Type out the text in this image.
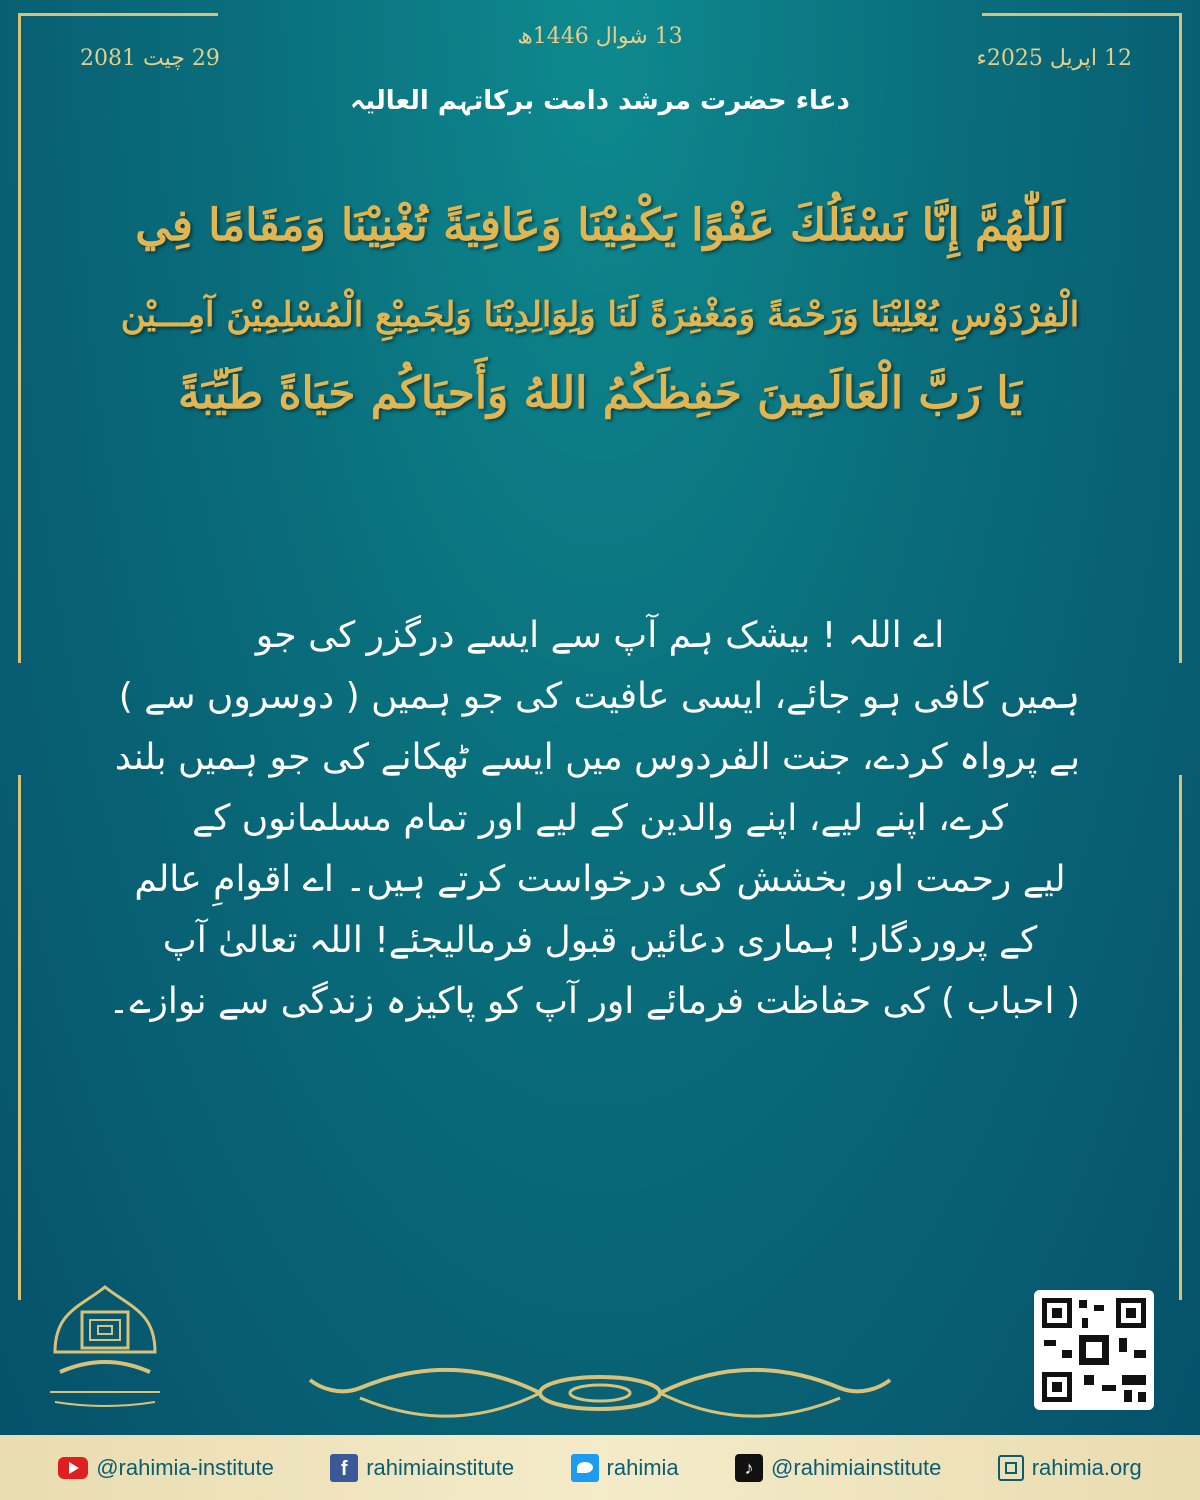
12 اپریل 2025ء
13 شوال 1446ھ
29 چیت 2081
دعاء حضرت مرشد دامت برکاتہم العالیہ
اَللّٰهُمَّ إِنَّا نَسْئَلُكَ عَفْوًا يَكْفِيْنَا وَعَافِيَةً تُغْنِيْنَا وَمَقَامًا فِي
الْفِرْدَوْسِ يُعْلِيْنَا وَرَحْمَةً وَمَغْفِرَةً لَنَا وَلِوَالِدِيْنَا وَلِجَمِيْعِ الْمُسْلِمِيْنَ آمِـــيْن
يَا رَبَّ الْعَالَمِينَ حَفِظَكُمُ اللهُ وَأَحيَاكُم حَيَاةً طَيِّبَةً
اے اللہ ! بیشک ہم آپ سے ایسے درگزر کی جو
ہمیں کافی ہو جائے، ایسی عافیت کی جو ہمیں ( دوسروں سے )
بے پرواہ کردے، جنت الفردوس میں ایسے ٹھکانے کی جو ہمیں بلند
کرے، اپنے لیے، اپنے والدین کے لیے اور تمام مسلمانوں کے
لیے رحمت اور بخشش کی درخواست کرتے ہیں۔ اے اقوامِ عالم
کے پروردگار! ہماری دعائیں قبول فرمالیجئے! اللہ تعالیٰ آپ
( احباب ) کی حفاظت فرمائے اور آپ کو پاکیزہ زندگی سے نوازے۔
@rahimia-institute	f rahimiainstitute	rahimia	♪ @rahimiainstitute	rahimia.org
